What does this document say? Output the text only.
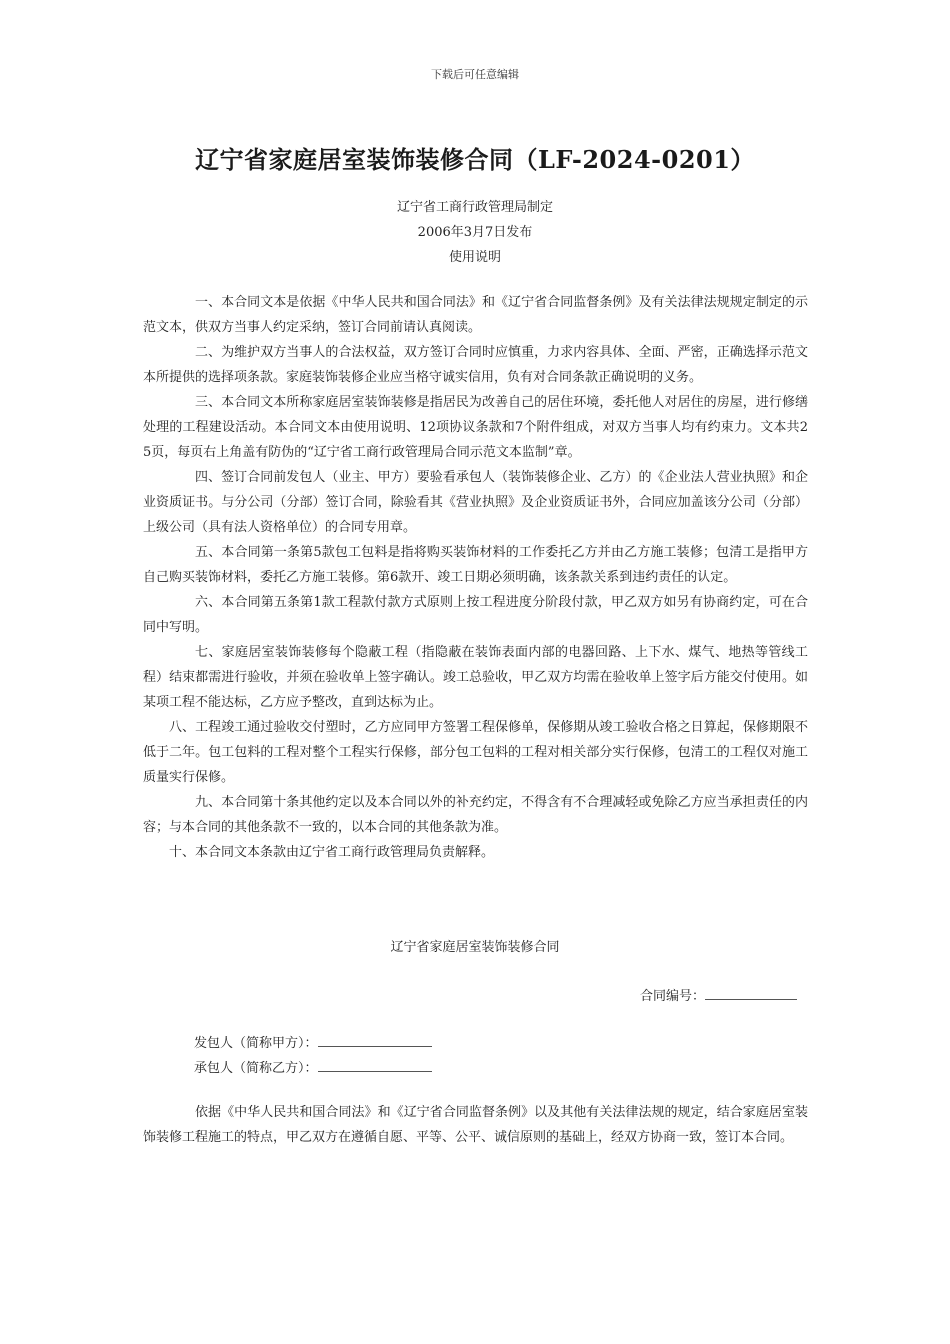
下载后可任意编辑
辽宁省家庭居室装饰装修合同（LF-2024-0201）
辽宁省工商行政管理局制定
2006年3月7日发布
使用说明

一、本合同文本是依据《中华人民共和国合同法》和《辽宁省合同监督条例》及有关法律法规规定制定的示范文本，供双方当事人约定采纳，签订合同前请认真阅读。

二、为维护双方当事人的合法权益，双方签订合同时应慎重，力求内容具体、全面、严密，正确选择示范文本所提供的选择项条款。家庭装饰装修企业应当格守诚实信用，负有对合同条款正确说明的义务。

三、本合同文本所称家庭居室装饰装修是指居民为改善自己的居住环境，委托他人对居住的房屋，进行修缮处理的工程建设活动。本合同文本由使用说明、12项协议条款和7个附件组成，对双方当事人均有约束力。文本共25页，每页右上角盖有防伪的“辽宁省工商行政管理局合同示范文本监制”章。

四、签订合同前发包人（业主、甲方）要验看承包人（装饰装修企业、乙方）的《企业法人营业执照》和企业资质证书。与分公司（分部）签订合同，除验看其《营业执照》及企业资质证书外，合同应加盖该分公司（分部）上级公司（具有法人资格单位）的合同专用章。

五、本合同第一条第5款包工包料是指将购买装饰材料的工作委托乙方并由乙方施工装修；包清工是指甲方自己购买装饰材料，委托乙方施工装修。第6款开、竣工日期必须明确，该条款关系到违约责任的认定。

六、本合同第五条第1款工程款付款方式原则上按工程进度分阶段付款，甲乙双方如另有协商约定，可在合同中写明。

七、家庭居室装饰装修每个隐蔽工程（指隐蔽在装饰表面内部的电器回路、上下水、煤气、地热等管线工程）结束都需进行验收，并须在验收单上签字确认。竣工总验收，甲乙双方均需在验收单上签字后方能交付使用。如某项工程不能达标，乙方应予整改，直到达标为止。

八、工程竣工通过验收交付塑时，乙方应同甲方签署工程保修单，保修期从竣工验收合格之日算起，保修期限不低于二年。包工包料的工程对整个工程实行保修，部分包工包料的工程对相关部分实行保修，包清工的工程仅对施工质量实行保修。

九、本合同第十条其他约定以及本合同以外的补充约定，不得含有不合理减轻或免除乙方应当承担责任的内容；与本合同的其他条款不一致的，以本合同的其他条款为准。

十、本合同文本条款由辽宁省工商行政管理局负责解释。

辽宁省家庭居室装饰装修合同
合同编号：
发包人（简称甲方）：
承包人（简称乙方）：

依据《中华人民共和国合同法》和《辽宁省合同监督条例》以及其他有关法律法规的规定，结合家庭居室装饰装修工程施工的特点，甲乙双方在遵循自愿、平等、公平、诚信原则的基础上，经双方协商一致，签订本合同。
